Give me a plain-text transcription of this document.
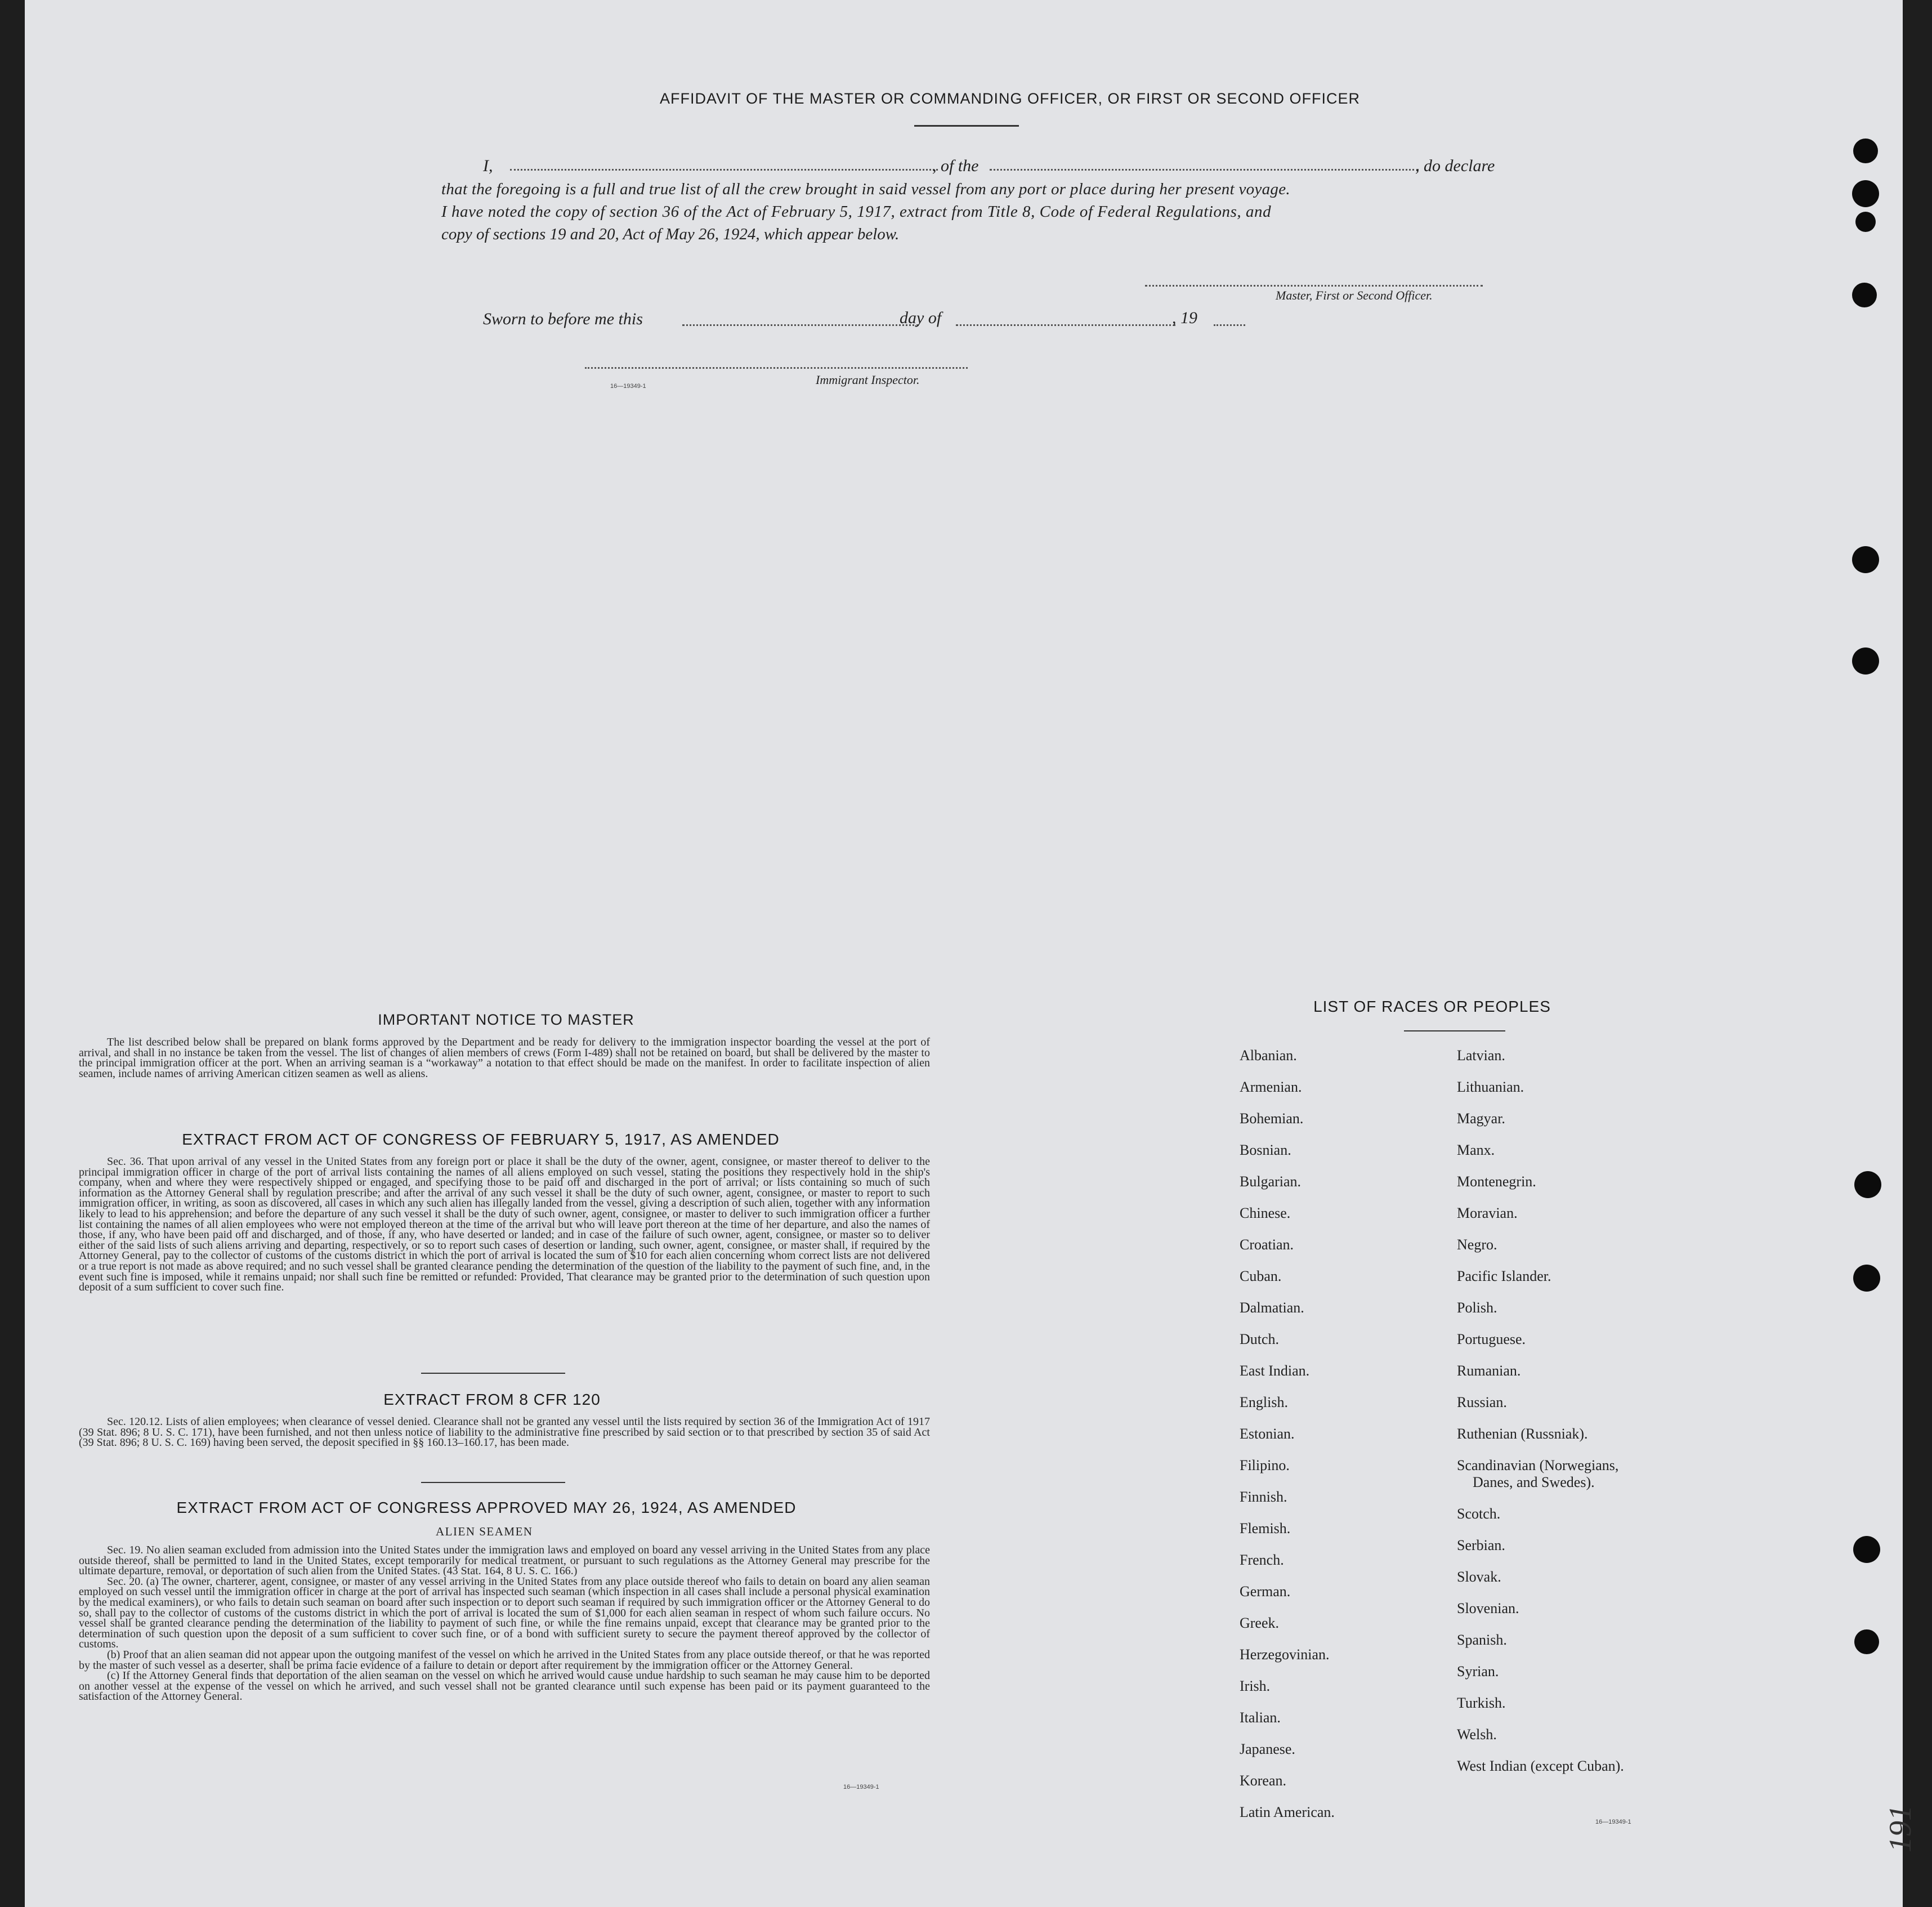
AFFIDAVIT OF THE MASTER OR COMMANDING OFFICER, OR FIRST OR SECOND OFFICER
I,	, of the	, do declare
that the foregoing is a full and true list of all the crew brought in said vessel from any port or place during her present voyage.
I have noted the copy of section 36 of the Act of February 5, 1917, extract from Title 8, Code of Federal Regulations, and
copy of sections 19 and 20, Act of May 26, 1924, which appear below.
Master, First or Second Officer.
Sworn to before me this	day of	, 19
16—19349-1	Immigrant Inspector.
IMPORTANT NOTICE TO MASTER

The list described below shall be prepared on blank forms approved by the Department and be ready for delivery to the immigration inspector boarding the vessel at the port of arrival, and shall in no instance be taken from the vessel. The list of changes of alien members of crews (Form I-489) shall not be retained on board, but shall be delivered by the master to the principal immigration officer at the port. When an arriving seaman is a “workaway” a notation to that effect should be made on the manifest. In order to facilitate inspection of alien seamen, include names of arriving American citizen seamen as well as aliens.

EXTRACT FROM ACT OF CONGRESS OF FEBRUARY 5, 1917, AS AMENDED

Sec. 36. That upon arrival of any vessel in the United States from any foreign port or place it shall be the duty of the owner, agent, consignee, or master thereof to deliver to the principal immigration officer in charge of the port of arrival lists containing the names of all aliens employed on such vessel, stating the positions they respectively hold in the ship's company, when and where they were respectively shipped or engaged, and specifying those to be paid off and discharged in the port of arrival; or lists containing so much of such information as the Attorney General shall by regulation prescribe; and after the arrival of any such vessel it shall be the duty of such owner, agent, consignee, or master to report to such immigration officer, in writing, as soon as discovered, all cases in which any such alien has illegally landed from the vessel, giving a description of such alien, together with any information likely to lead to his apprehension; and before the departure of any such vessel it shall be the duty of such owner, agent, consignee, or master to deliver to such immigration officer a further list containing the names of all alien employees who were not employed thereon at the time of the arrival but who will leave port thereon at the time of her departure, and also the names of those, if any, who have been paid off and discharged, and of those, if any, who have deserted or landed; and in case of the failure of such owner, agent, consignee, or master so to deliver either of the said lists of such aliens arriving and departing, respectively, or so to report such cases of desertion or landing, such owner, agent, consignee, or master shall, if required by the Attorney General, pay to the collector of customs of the customs district in which the port of arrival is located the sum of $10 for each alien concerning whom correct lists are not delivered or a true report is not made as above required; and no such vessel shall be granted clearance pending the determination of the question of the liability to the payment of such fine, and, in the event such fine is imposed, while it remains unpaid; nor shall such fine be remitted or refunded: Provided, That clearance may be granted prior to the determination of such question upon deposit of a sum sufficient to cover such fine.

EXTRACT FROM 8 CFR 120

Sec. 120.12. Lists of alien employees; when clearance of vessel denied. Clearance shall not be granted any vessel until the lists required by section 36 of the Immigration Act of 1917 (39 Stat. 896; 8 U. S. C. 171), have been furnished, and not then unless notice of liability to the administrative fine prescribed by said section or to that prescribed by section 35 of said Act (39 Stat. 896; 8 U. S. C. 169) having been served, the deposit specified in §§ 160.13–160.17, has been made.

EXTRACT FROM ACT OF CONGRESS APPROVED MAY 26, 1924, AS AMENDED
ALIEN SEAMEN

Sec. 19. No alien seaman excluded from admission into the United States under the immigration laws and employed on board any vessel arriving in the United States from any place outside thereof, shall be permitted to land in the United States, except temporarily for medical treatment, or pursuant to such regulations as the Attorney General may prescribe for the ultimate departure, removal, or deportation of such alien from the United States. (43 Stat. 164, 8 U. S. C. 166.)

Sec. 20. (a) The owner, charterer, agent, consignee, or master of any vessel arriving in the United States from any place outside thereof who fails to detain on board any alien seaman employed on such vessel until the immigration officer in charge at the port of arrival has inspected such seaman (which inspection in all cases shall include a personal physical examination by the medical examiners), or who fails to detain such seaman on board after such inspection or to deport such seaman if required by such immigration officer or the Attorney General to do so, shall pay to the collector of customs of the customs district in which the port of arrival is located the sum of $1,000 for each alien seaman in respect of whom such failure occurs. No vessel shall be granted clearance pending the determination of the liability to payment of such fine, or while the fine remains unpaid, except that clearance may be granted prior to the determination of such question upon the deposit of a sum sufficient to cover such fine, or of a bond with sufficient surety to secure the payment thereof approved by the collector of customs.

(b) Proof that an alien seaman did not appear upon the outgoing manifest of the vessel on which he arrived in the United States from any place outside thereof, or that he was reported by the master of such vessel as a deserter, shall be prima facie evidence of a failure to detain or deport after requirement by the immigration officer or the Attorney General.

(c) If the Attorney General finds that deportation of the alien seaman on the vessel on which he arrived would cause undue hardship to such seaman he may cause him to be deported on another vessel at the expense of the vessel on which he arrived, and such vessel shall not be granted clearance until such expense has been paid or its payment guaranteed to the satisfaction of the Attorney General.

16—19349-1
LIST OF RACES OR PEOPLES
Albanian.
Armenian.
Bohemian.
Bosnian.
Bulgarian.
Chinese.
Croatian.
Cuban.
Dalmatian.
Dutch.
East Indian.
English.
Estonian.
Filipino.
Finnish.
Flemish.
French.
German.
Greek.
Herzegovinian.
Irish.
Italian.
Japanese.
Korean.
Latin American.
Latvian.
Lithuanian.
Magyar.
Manx.
Montenegrin.
Moravian.
Negro.
Pacific Islander.
Polish.
Portuguese.
Rumanian.
Russian.
Ruthenian (Russniak).
Scandinavian (Norwegians,
Danes, and Swedes).
Scotch.
Serbian.
Slovak.
Slovenian.
Spanish.
Syrian.
Turkish.
Welsh.
West Indian (except Cuban).
16—19349-1	191
